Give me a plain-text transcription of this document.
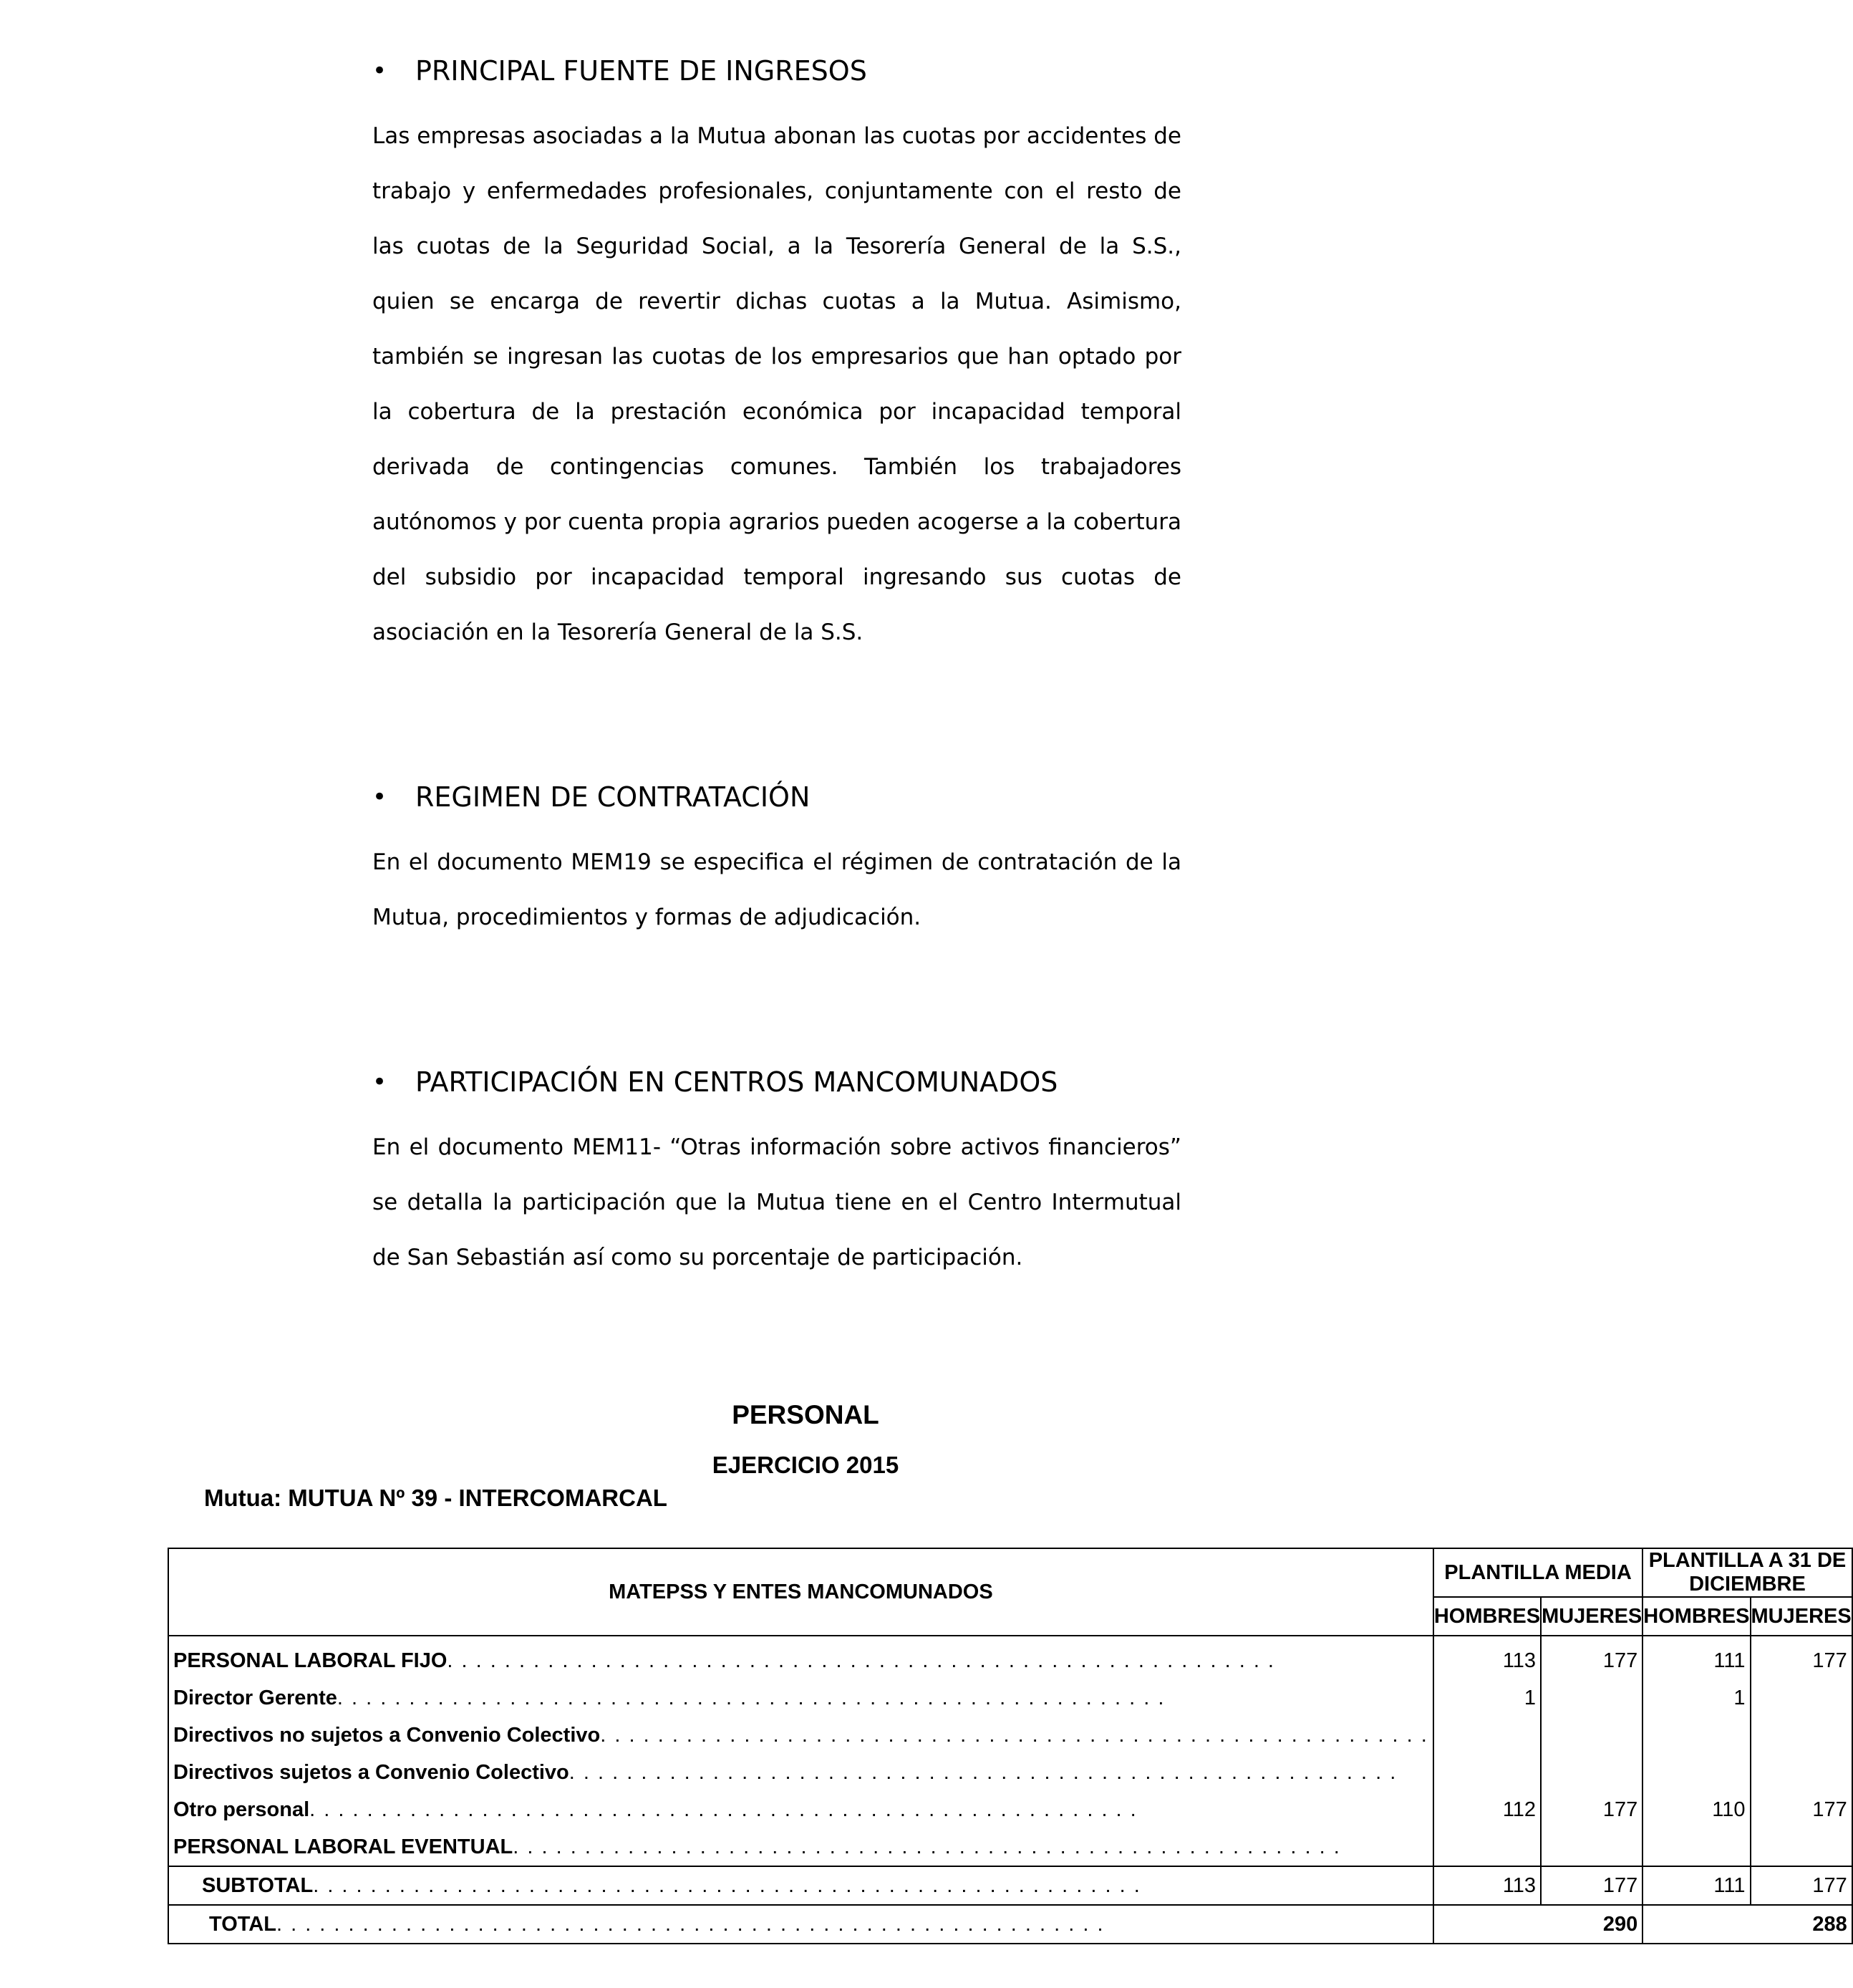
• PRINCIPAL FUENTE DE INGRESOS
Las empresas asociadas a la Mutua abonan las cuotas por accidentes de trabajo y enfermedades profesionales, conjuntamente con el resto de las cuotas de la Seguridad Social, a la Tesorería General de la S.S., quien se encarga de revertir dichas cuotas a la Mutua. Asimismo, también se ingresan las cuotas de los empresarios que han optado por la cobertura de la prestación económica por incapacidad temporal derivada de contingencias comunes. También los trabajadores autónomos y por cuenta propia agrarios pueden acogerse a la cobertura del subsidio por incapacidad temporal ingresando sus cuotas de asociación en la Tesorería General de la S.S.
• REGIMEN DE CONTRATACIÓN
En el documento MEM19 se especifica el régimen de contratación de la Mutua, procedimientos y formas de adjudicación.
• PARTICIPACIÓN EN CENTROS MANCOMUNADOS
En el documento MEM11- “Otras información sobre activos financieros” se detalla la participación que la Mutua tiene en el Centro Intermutual de San Sebastián así como su porcentaje de participación.
PERSONAL
EJERCICIO 2015
Mutua: MUTUA Nº 39 - INTERCOMARCAL
MATEPSS Y ENTES MANCOMUNADOS	PLANTILLA MEDIA		PLANTILLA A 31 DE DICIEMBRE	
	HOMBRES	MUJERES	HOMBRES	MUJERES
PERSONAL LABORAL FIJO. . . . . . . . . . . . . . . . . . . . . . . . . . . . . . . . . . . . . . . . . . . . . . . . . . . . . . . . . .	113	177	111	177
Director Gerente. . . . . . . . . . . . . . . . . . . . . . . . . . . . . . . . . . . . . . . . . . . . . . . . . . . . . . . . . .	1		1	
Directivos no sujetos a Convenio Colectivo. . . . . . . . . . . . . . . . . . . . . . . . . . . . . . . . . . . . . . . . . . . . . . . . . . . . . . . . . .				
Directivos sujetos a Convenio Colectivo. . . . . . . . . . . . . . . . . . . . . . . . . . . . . . . . . . . . . . . . . . . . . . . . . . . . . . . . . .				
Otro personal. . . . . . . . . . . . . . . . . . . . . . . . . . . . . . . . . . . . . . . . . . . . . . . . . . . . . . . . . .	112	177	110	177
PERSONAL LABORAL EVENTUAL. . . . . . . . . . . . . . . . . . . . . . . . . . . . . . . . . . . . . . . . . . . . . . . . . . . . . . . . . .				
SUBTOTAL. . . . . . . . . . . . . . . . . . . . . . . . . . . . . . . . . . . . . . . . . . . . . . . . . . . . . . . . . .	113	177	111	177
TOTAL. . . . . . . . . . . . . . . . . . . . . . . . . . . . . . . . . . . . . . . . . . . . . . . . . . . . . . . . . .	290		288	
